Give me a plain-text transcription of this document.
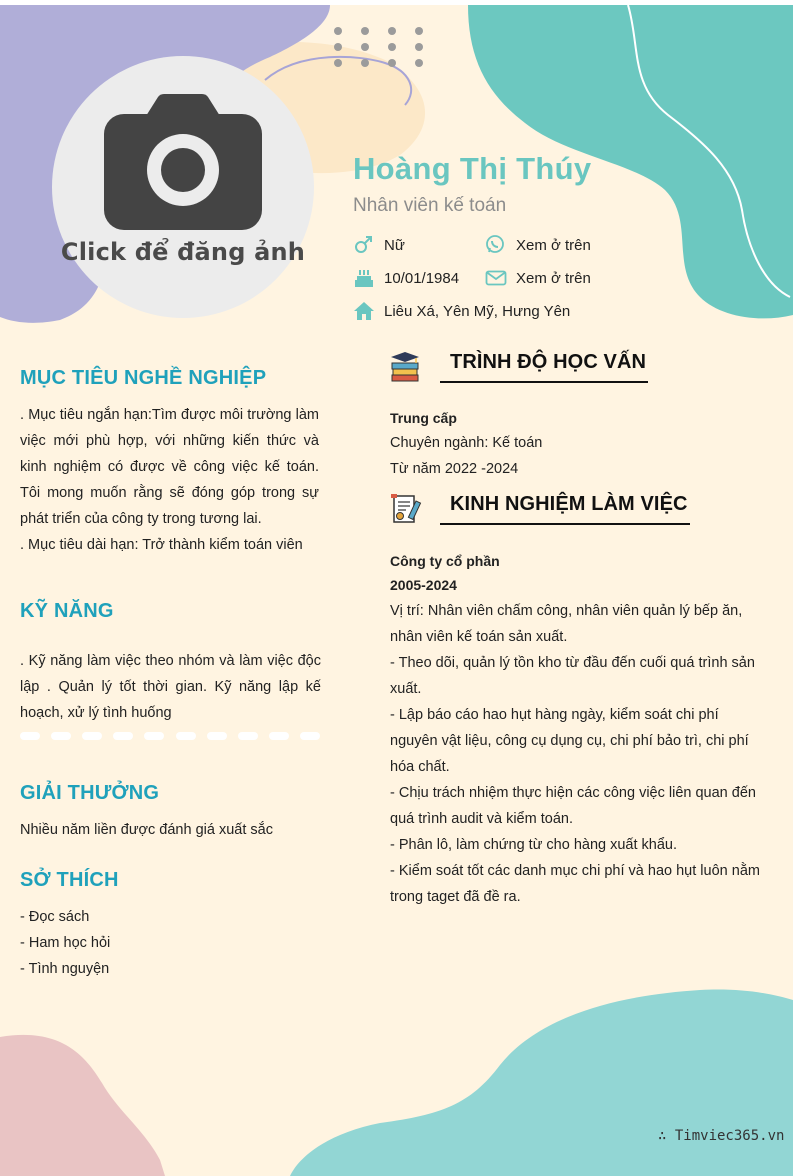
Click để đăng ảnh
Hoàng Thị Thúy
Nhân viên kế toán
Nữ	Xem ở trên
10/01/1984	Xem ở trên
Liêu Xá, Yên Mỹ, Hưng Yên
MỤC TIÊU NGHỀ NGHIỆP

. Mục tiêu ngắn hạn:Tìm được môi trường làm việc mới phù hợp, với những kiến thức và kinh nghiệm có được về công việc kế toán. Tôi mong muốn rằng sẽ đóng góp trong sự phát triển của công ty trong tương lai.

. Mục tiêu dài hạn: Trở thành kiểm toán viên

KỸ NĂNG
. Kỹ năng làm việc theo nhóm và làm việc độc lập . Quản lý tốt thời gian. Kỹ năng lập kế hoạch, xử lý tình huống
GIẢI THƯỞNG
Nhiều năm liền được đánh giá xuất sắc
SỞ THÍCH

- Đọc sách

- Ham học hỏi

- Tình nguyện

TRÌNH ĐỘ HỌC VẤN

Trung cấp

Chuyên ngành: Kế toán

Từ năm 2022 -2024

KINH NGHIỆM LÀM VIỆC

Công ty cổ phần

2005-2024

Vị trí: Nhân viên chấm công, nhân viên quản lý bếp ăn, nhân viên kế toán sản xuất.

- Theo dõi, quản lý tồn kho từ đầu đến cuối quá trình sản xuất.

- Lập báo cáo hao hụt hàng ngày, kiểm soát chi phí nguyên vật liệu, công cụ dụng cụ, chi phí bảo trì, chi phí hóa chất.

- Chịu trách nhiệm thực hiện các công việc liên quan đến quá trình audit và kiểm toán.

- Phân lô, làm chứng từ cho hàng xuất khẩu.

- Kiểm soát tốt các danh mục chi phí và hao hụt luôn nằm trong taget đã đề ra.

∴ Timviec365.vn
